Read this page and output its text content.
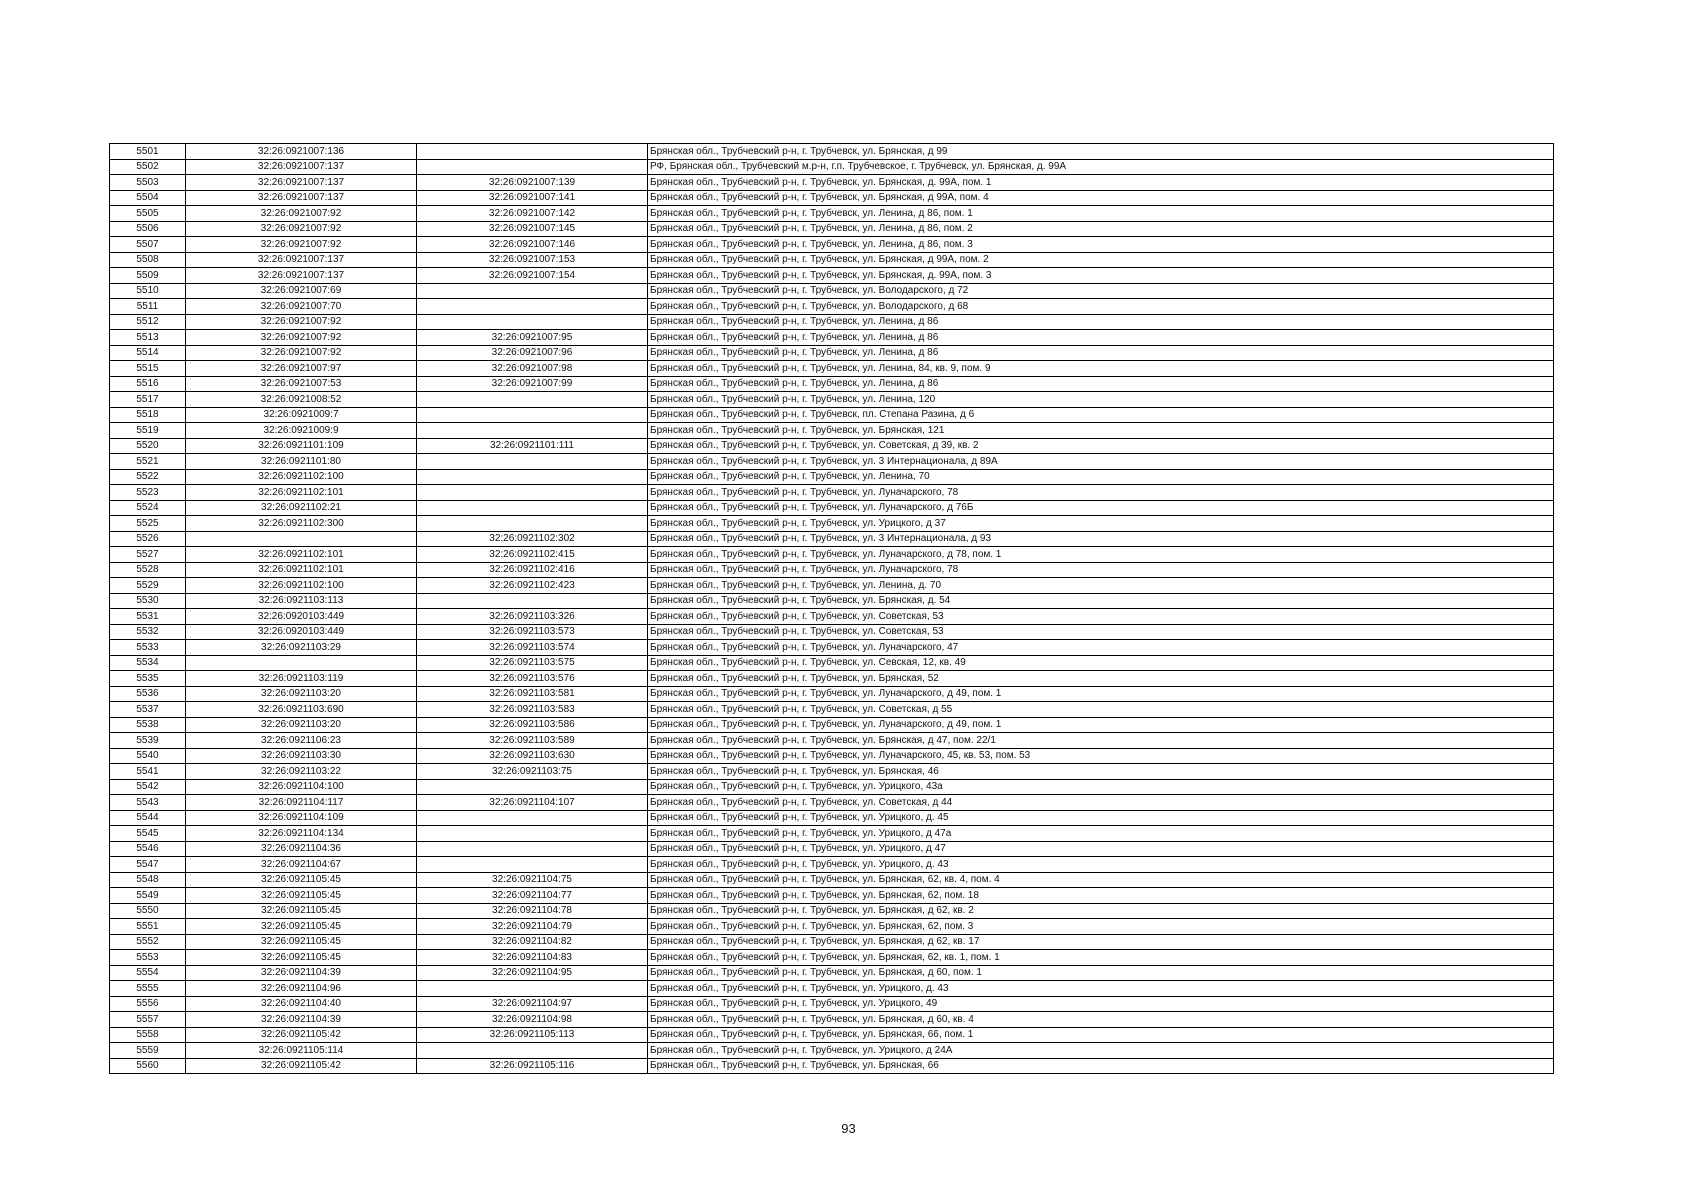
5501	32:26:0921007:136		Брянская обл., Трубчевский р-н, г. Трубчевск, ул. Брянская, д 99
5502	32:26:0921007:137		РФ, Брянская обл., Трубчевский м.р-н, г.п. Трубчевское, г. Трубчевск, ул. Брянская, д. 99А
5503	32:26:0921007:137	32:26:0921007:139	Брянская обл., Трубчевский р-н, г. Трубчевск, ул. Брянская, д. 99А, пом. 1
5504	32:26:0921007:137	32:26:0921007:141	Брянская обл., Трубчевский р-н, г. Трубчевск, ул. Брянская, д 99А, пом. 4
5505	32:26:0921007:92	32:26:0921007:142	Брянская обл., Трубчевский р-н, г. Трубчевск, ул. Ленина, д 86, пом. 1
5506	32:26:0921007:92	32:26:0921007:145	Брянская обл., Трубчевский р-н, г. Трубчевск, ул. Ленина, д 86, пом. 2
5507	32:26:0921007:92	32:26:0921007:146	Брянская обл., Трубчевский р-н, г. Трубчевск, ул. Ленина, д 86, пом. 3
5508	32:26:0921007:137	32:26:0921007:153	Брянская обл., Трубчевский р-н, г. Трубчевск, ул. Брянская, д 99А, пом. 2
5509	32:26:0921007:137	32:26:0921007:154	Брянская обл., Трубчевский р-н, г. Трубчевск, ул. Брянская, д. 99А, пом. 3
5510	32:26:0921007:69		Брянская обл., Трубчевский р-н, г. Трубчевск, ул. Володарского, д 72
5511	32:26:0921007:70		Брянская обл., Трубчевский р-н, г. Трубчевск, ул. Володарского, д 68
5512	32:26:0921007:92		Брянская обл., Трубчевский р-н, г. Трубчевск, ул. Ленина, д 86
5513	32:26:0921007:92	32:26:0921007:95	Брянская обл., Трубчевский р-н, г. Трубчевск, ул. Ленина, д 86
5514	32:26:0921007:92	32:26:0921007:96	Брянская обл., Трубчевский р-н, г. Трубчевск, ул. Ленина, д 86
5515	32:26:0921007:97	32:26:0921007:98	Брянская обл., Трубчевский р-н, г. Трубчевск, ул. Ленина, 84, кв. 9, пом. 9
5516	32:26:0921007:53	32:26:0921007:99	Брянская обл., Трубчевский р-н, г. Трубчевск, ул. Ленина, д 86
5517	32:26:0921008:52		Брянская обл., Трубчевский р-н, г. Трубчевск, ул. Ленина, 120
5518	32:26:0921009:7		Брянская обл., Трубчевский р-н, г. Трубчевск, пл. Степана Разина, д 6
5519	32:26:0921009:9		Брянская обл., Трубчевский р-н, г. Трубчевск, ул. Брянская, 121
5520	32:26:0921101:109	32:26:0921101:111	Брянская обл., Трубчевский р-н, г. Трубчевск, ул. Советская, д 39, кв. 2
5521	32:26:0921101:80		Брянская обл., Трубчевский р-н, г. Трубчевск, ул. 3 Интернационала, д 89А
5522	32:26:0921102:100		Брянская обл., Трубчевский р-н, г. Трубчевск, ул. Ленина, 70
5523	32:26:0921102:101		Брянская обл., Трубчевский р-н, г. Трубчевск, ул. Луначарского, 78
5524	32:26:0921102:21		Брянская обл., Трубчевский р-н, г. Трубчевск, ул. Луначарского, д 76Б
5525	32:26:0921102:300		Брянская обл., Трубчевский р-н, г. Трубчевск, ул. Урицкого, д 37
5526		32:26:0921102:302	Брянская обл., Трубчевский р-н, г. Трубчевск, ул. 3 Интернационала, д 93
5527	32:26:0921102:101	32:26:0921102:415	Брянская обл., Трубчевский р-н, г. Трубчевск, ул. Луначарского, д 78, пом. 1
5528	32:26:0921102:101	32:26:0921102:416	Брянская обл., Трубчевский р-н, г. Трубчевск, ул. Луначарского, 78
5529	32:26:0921102:100	32:26:0921102:423	Брянская обл., Трубчевский р-н, г. Трубчевск, ул. Ленина, д. 70
5530	32:26:0921103:113		Брянская обл., Трубчевский р-н, г. Трубчевск, ул. Брянская, д. 54
5531	32:26:0920103:449	32:26:0921103:326	Брянская обл., Трубчевский р-н, г. Трубчевск, ул. Советская, 53
5532	32:26:0920103:449	32:26:0921103:573	Брянская обл., Трубчевский р-н, г. Трубчевск, ул. Советская, 53
5533	32:26:0921103:29	32:26:0921103:574	Брянская обл., Трубчевский р-н, г. Трубчевск, ул. Луначарского, 47
5534		32:26:0921103:575	Брянская обл., Трубчевский р-н, г. Трубчевск, ул. Севская, 12, кв. 49
5535	32:26:0921103:119	32:26:0921103:576	Брянская обл., Трубчевский р-н, г. Трубчевск, ул. Брянская, 52
5536	32:26:0921103:20	32:26:0921103:581	Брянская обл., Трубчевский р-н, г. Трубчевск, ул. Луначарского, д 49, пом. 1
5537	32:26:0921103:690	32:26:0921103:583	Брянская обл., Трубчевский р-н, г. Трубчевск, ул. Советская, д 55
5538	32:26:0921103:20	32:26:0921103:586	Брянская обл., Трубчевский р-н, г. Трубчевск, ул. Луначарского, д 49, пом. 1
5539	32:26:0921106:23	32:26:0921103:589	Брянская обл., Трубчевский р-н, г. Трубчевск, ул. Брянская, д 47, пом. 22/1
5540	32:26:0921103:30	32:26:0921103:630	Брянская обл., Трубчевский р-н, г. Трубчевск, ул. Луначарского, 45, кв. 53, пом. 53
5541	32:26:0921103:22	32:26:0921103:75	Брянская обл., Трубчевский р-н, г. Трубчевск, ул. Брянская, 46
5542	32:26:0921104:100		Брянская обл., Трубчевский р-н, г. Трубчевск, ул. Урицкого, 43а
5543	32:26:0921104:117	32:26:0921104:107	Брянская обл., Трубчевский р-н, г. Трубчевск, ул. Советская, д 44
5544	32:26:0921104:109		Брянская обл., Трубчевский р-н, г. Трубчевск, ул. Урицкого, д. 45
5545	32:26:0921104:134		Брянская обл., Трубчевский р-н, г. Трубчевск, ул. Урицкого, д 47а
5546	32:26:0921104:36		Брянская обл., Трубчевский р-н, г. Трубчевск, ул. Урицкого, д 47
5547	32:26:0921104:67		Брянская обл., Трубчевский р-н, г. Трубчевск, ул. Урицкого, д. 43
5548	32:26:0921105:45	32:26:0921104:75	Брянская обл., Трубчевский р-н, г. Трубчевск, ул. Брянская, 62, кв. 4, пом. 4
5549	32:26:0921105:45	32:26:0921104:77	Брянская обл., Трубчевский р-н, г. Трубчевск, ул. Брянская, 62, пом. 18
5550	32:26:0921105:45	32:26:0921104:78	Брянская обл., Трубчевский р-н, г. Трубчевск, ул. Брянская, д 62, кв. 2
5551	32:26:0921105:45	32:26:0921104:79	Брянская обл., Трубчевский р-н, г. Трубчевск, ул. Брянская, 62, пом. 3
5552	32:26:0921105:45	32:26:0921104:82	Брянская обл., Трубчевский р-н, г. Трубчевск, ул. Брянская, д 62, кв. 17
5553	32:26:0921105:45	32:26:0921104:83	Брянская обл., Трубчевский р-н, г. Трубчевск, ул. Брянская, 62, кв. 1, пом. 1
5554	32:26:0921104:39	32:26:0921104:95	Брянская обл., Трубчевский р-н, г. Трубчевск, ул. Брянская, д 60, пом. 1
5555	32:26:0921104:96		Брянская обл., Трубчевский р-н, г. Трубчевск, ул. Урицкого, д. 43
5556	32:26:0921104:40	32:26:0921104:97	Брянская обл., Трубчевский р-н, г. Трубчевск, ул. Урицкого, 49
5557	32:26:0921104:39	32:26:0921104:98	Брянская обл., Трубчевский р-н, г. Трубчевск, ул. Брянская, д 60, кв. 4
5558	32:26:0921105:42	32:26:0921105:113	Брянская обл., Трубчевский р-н, г. Трубчевск, ул. Брянская, 66, пом. 1
5559	32:26:0921105:114		Брянская обл., Трубчевский р-н, г. Трубчевск, ул. Урицкого, д 24А
5560	32:26:0921105:42	32:26:0921105:116	Брянская обл., Трубчевский р-н, г. Трубчевск, ул. Брянская, 66
93
